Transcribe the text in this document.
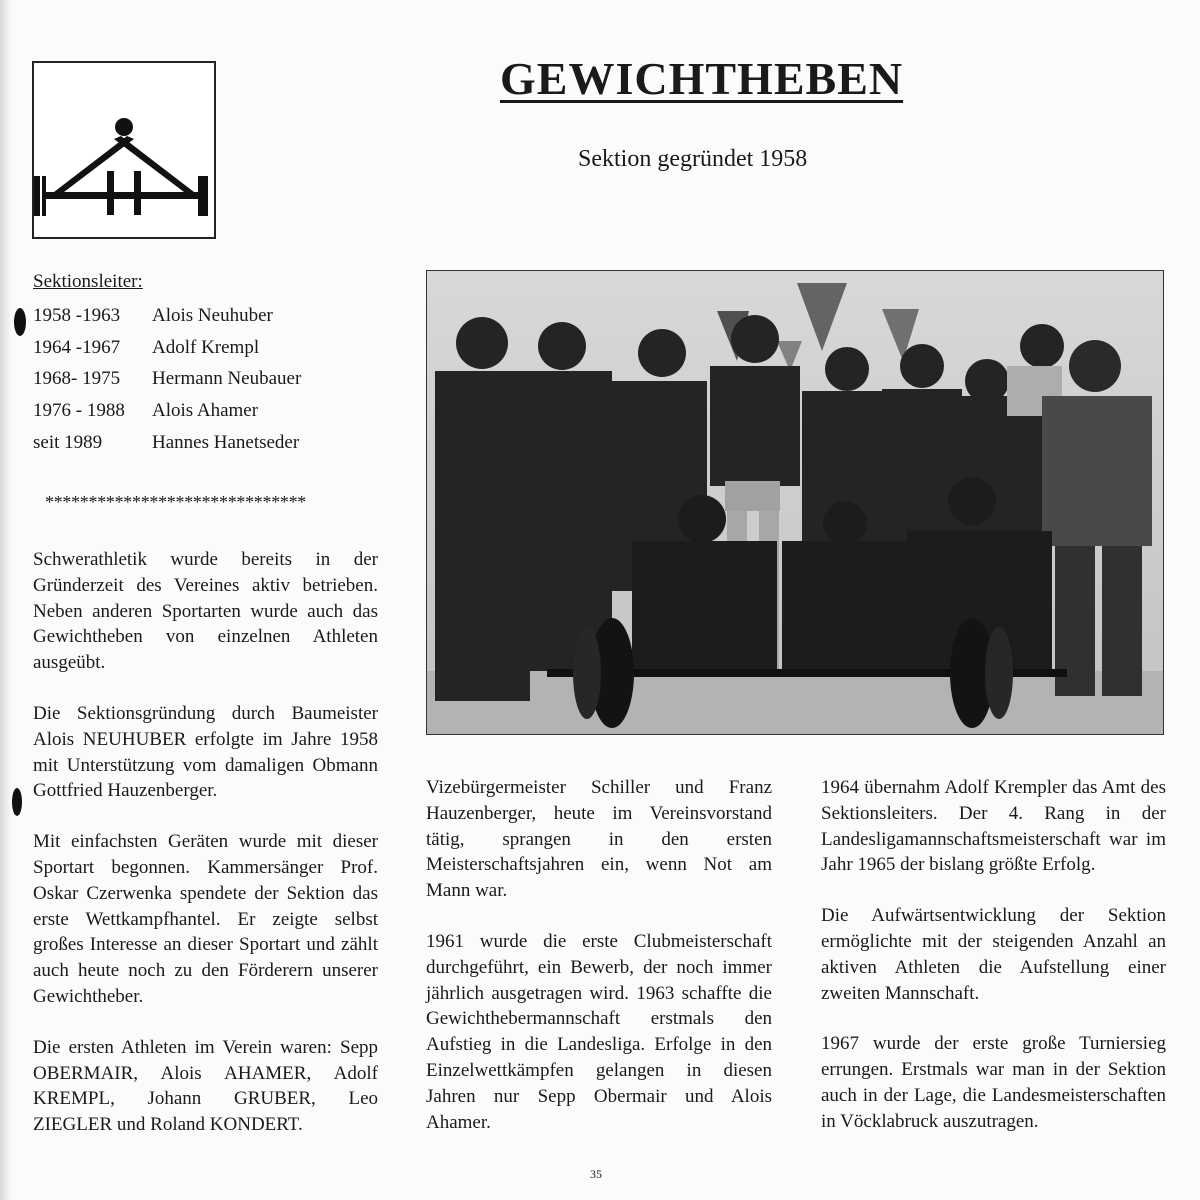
GEWICHTHEBEN
Sektion gegründet 1958
Sektionsleiter:
1958 -1963	Alois Neuhuber
1964 -1967	Adolf Krempl
1968- 1975	Hermann Neubauer
1976 - 1988	Alois Ahamer
seit 1989	Hannes Hanetseder
******************************

Schwerathletik wurde bereits in der Gründerzeit des Vereines aktiv betrieben. Neben anderen Sportarten wurde auch das Gewichtheben von einzelnen Athleten ausgeübt.

Die Sektionsgründung durch Baumeister Alois NEUHUBER erfolgte im Jahre 1958 mit Unterstützung vom damaligen Obmann Gottfried Hauzenberger.

Mit einfachsten Geräten wurde mit dieser Sportart begonnen. Kammersänger Prof. Oskar Czerwenka spendete der Sektion das erste Wettkampfhantel. Er zeigte selbst großes Interesse an dieser Sportart und zählt auch heute noch zu den Förderern unserer Gewichtheber.

Die ersten Athleten im Verein waren: Sepp OBERMAIR, Alois AHAMER, Adolf KREMPL, Johann GRUBER, Leo ZIEGLER und Roland KONDERT.

Vizebürgermeister Schiller und Franz Hauzenberger, heute im Vereinsvorstand tätig, sprangen in den ersten Meisterschaftsjahren ein, wenn Not am Mann war.

1961 wurde die erste Clubmeisterschaft durchgeführt, ein Bewerb, der noch immer jährlich ausgetragen wird. 1963 schaffte die Gewichthebermannschaft erstmals den Aufstieg in die Landesliga. Erfolge in den Einzelwettkämpfen gelangen in diesen Jahren nur Sepp Obermair und Alois Ahamer.

1964 übernahm Adolf Krempler das Amt des Sektionsleiters. Der 4. Rang in der Landesligamannschaftsmeisterschaft war im Jahr 1965 der bislang größte Erfolg.

Die Aufwärtsentwicklung der Sektion ermöglichte mit der steigenden Anzahl an aktiven Athleten die Aufstellung einer zweiten Mannschaft.

1967 wurde der erste große Turniersieg errungen. Erstmals war man in der Sektion auch in der Lage, die Landesmeisterschaften in Vöcklabruck auszutragen.

35
